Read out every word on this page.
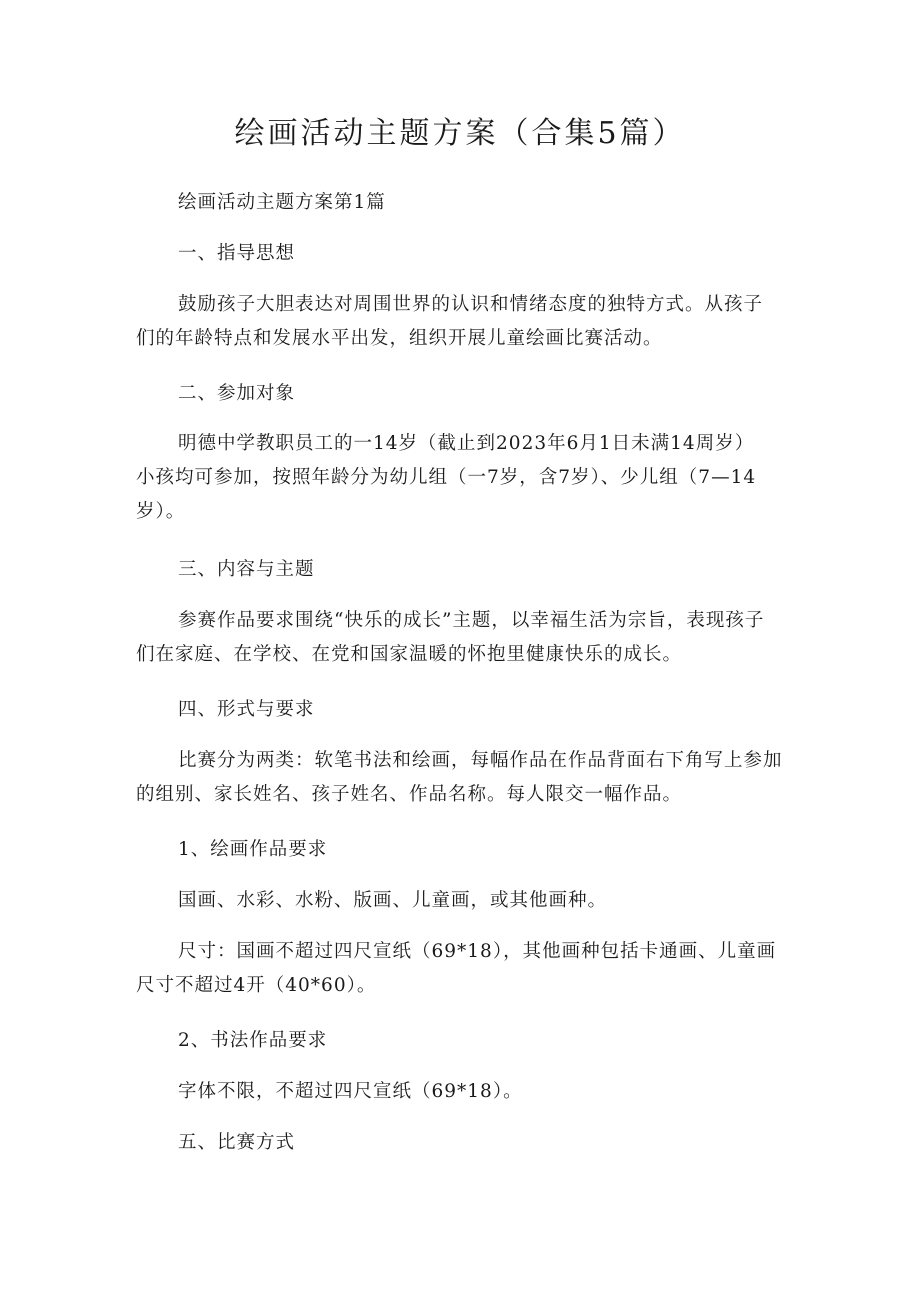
绘画活动主题方案（合集5篇）
绘画活动主题方案第1篇
一、指导思想
鼓励孩子大胆表达对周围世界的认识和情绪态度的独特方式。从孩子
们的年龄特点和发展水平出发，组织开展儿童绘画比赛活动。
二、参加对象
明德中学教职员工的一14岁（截止到2023年6月1日未满14周岁）
小孩均可参加，按照年龄分为幼儿组（一7岁，含7岁）、少儿组（7—14
岁）。
三、内容与主题
参赛作品要求围绕“快乐的成长”主题，以幸福生活为宗旨，表现孩子
们在家庭、在学校、在党和国家温暖的怀抱里健康快乐的成长。
四、形式与要求
比赛分为两类：软笔书法和绘画，每幅作品在作品背面右下角写上参加
的组别、家长姓名、孩子姓名、作品名称。每人限交一幅作品。
1、绘画作品要求
国画、水彩、水粉、版画、儿童画，或其他画种。
尺寸：国画不超过四尺宣纸（69*18），其他画种包括卡通画、儿童画
尺寸不超过4开（40*60）。
2、书法作品要求
字体不限，不超过四尺宣纸（69*18）。
五、比赛方式
